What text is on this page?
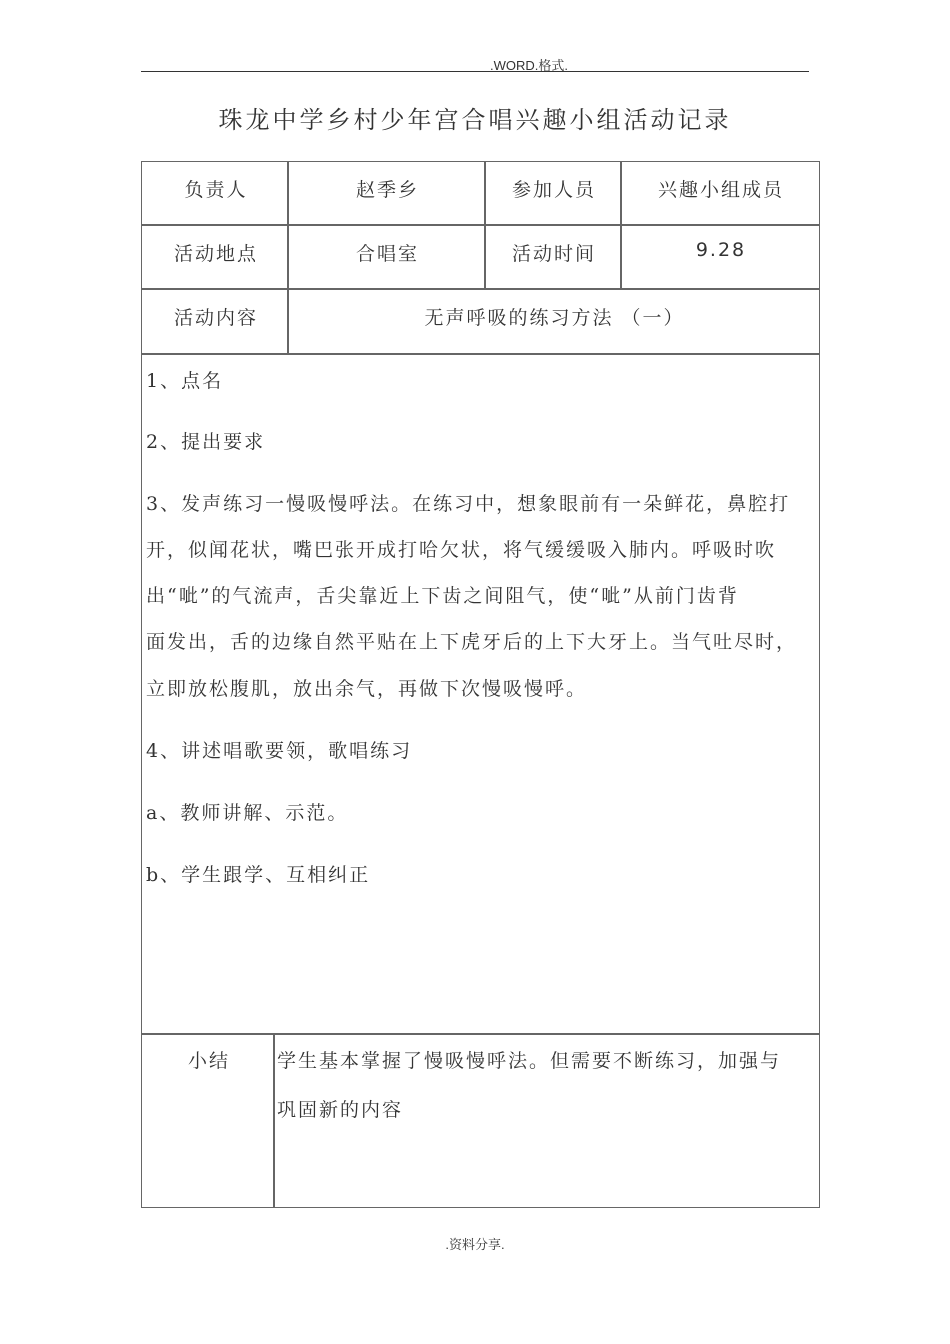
.WORD.格式.
珠龙中学乡村少年宫合唱兴趣小组活动记录
负责人	赵季乡	参加人员	兴趣小组成员
活动地点	合唱室	活动时间	9.28
活动内容	无声呼吸的练习方法 （一）
1、点名
2、提出要求
3、发声练习一慢吸慢呼法。在练习中，想象眼前有一朵鲜花，鼻腔打
开，似闻花状，嘴巴张开成打哈欠状，将气缓缓吸入肺内。呼吸时吹
出“呲”的气流声，舌尖靠近上下齿之间阻气，使“呲”从前门齿背
面发出，舌的边缘自然平贴在上下虎牙后的上下大牙上。当气吐尽时，
立即放松腹肌，放出余气，再做下次慢吸慢呼。
4、讲述唱歌要领，歌唱练习
a、教师讲解、示范。
b、学生跟学、互相纠正
小结	学生基本掌握了慢吸慢呼法。但需要不断练习，加强与
巩固新的内容
.资料分享.
